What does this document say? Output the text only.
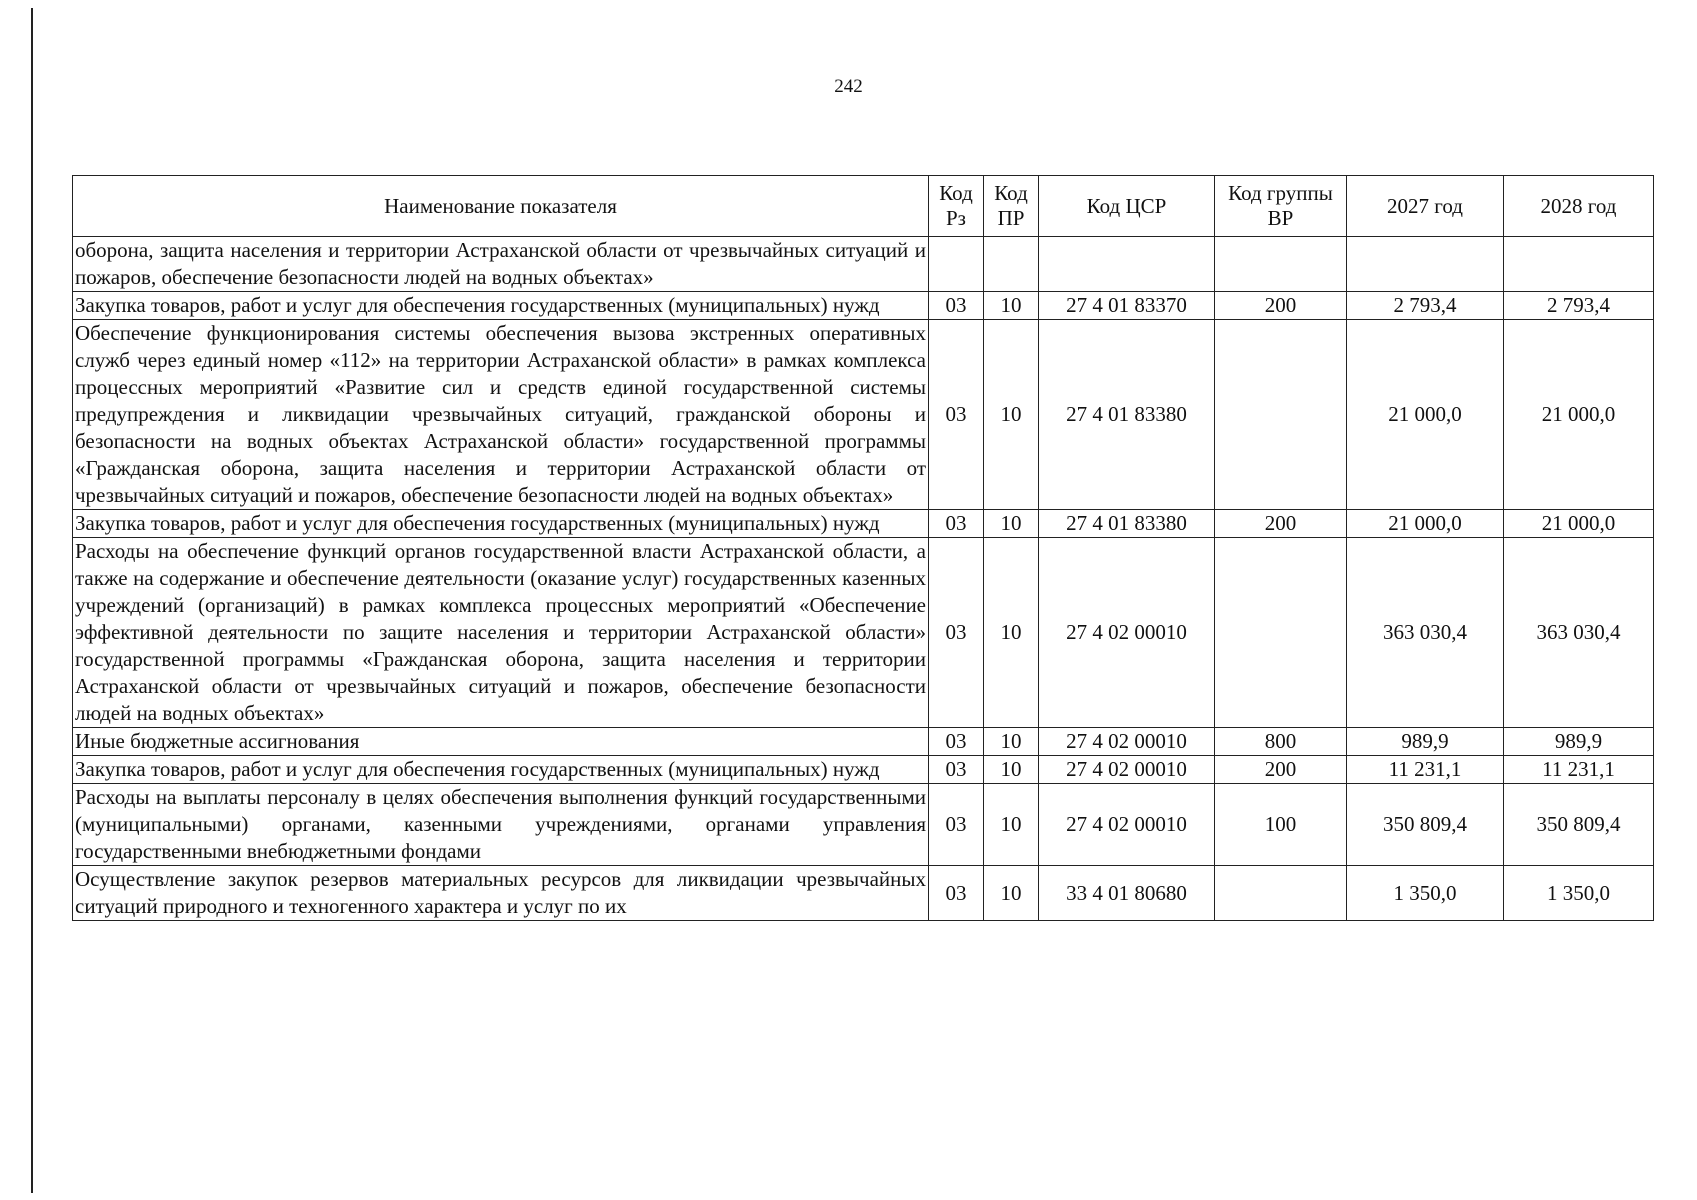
242
Наименование показателя	Код Рз	Код ПР	Код ЦСР	Код группы ВР	2027 год	2028 год
оборона, защита населения и территории Астраханской области от чрезвычайных ситуаций и пожаров, обеспечение безопасности людей на водных объектах»						
Закупка товаров, работ и услуг для обеспечения государственных (муниципальных) нужд	03	10	27 4 01 83370	200	2 793,4	2 793,4
Обеспечение функционирования системы обеспечения вызова экстренных оперативных служб через единый номер «112» на территории Астраханской области» в рамках комплекса процессных мероприятий «Развитие сил и средств единой государственной системы предупреждения и ликвидации чрезвычайных ситуаций, гражданской обороны и безопасности на водных объектах Астраханской области» государственной программы «Гражданская оборона, защита населения и территории Астраханской области от чрезвычайных ситуаций и пожаров, обеспечение безопасности людей на водных объектах»	03	10	27 4 01 83380		21 000,0	21 000,0
Закупка товаров, работ и услуг для обеспечения государственных (муниципальных) нужд	03	10	27 4 01 83380	200	21 000,0	21 000,0
Расходы на обеспечение функций органов государственной власти Астраханской области, а также на содержание и обеспечение деятельности (оказание услуг) государственных казенных учреждений (организаций) в рамках комплекса процессных мероприятий «Обеспечение эффективной деятельности по защите населения и территории Астраханской области» государственной программы «Гражданская оборона, защита населения и территории Астраханской области от чрезвычайных ситуаций и пожаров, обеспечение безопасности людей на водных объектах»	03	10	27 4 02 00010		363 030,4	363 030,4
Иные бюджетные ассигнования	03	10	27 4 02 00010	800	989,9	989,9
Закупка товаров, работ и услуг для обеспечения государственных (муниципальных) нужд	03	10	27 4 02 00010	200	11 231,1	11 231,1
Расходы на выплаты персоналу в целях обеспечения выполнения функций государственными (муниципальными) органами, казенными учреждениями, органами управления государственными внебюджетными фондами	03	10	27 4 02 00010	100	350 809,4	350 809,4
Осуществление закупок резервов материальных ресурсов для ликвидации чрезвычайных ситуаций природного и техногенного характера и услуг по их	03	10	33 4 01 80680		1 350,0	1 350,0
